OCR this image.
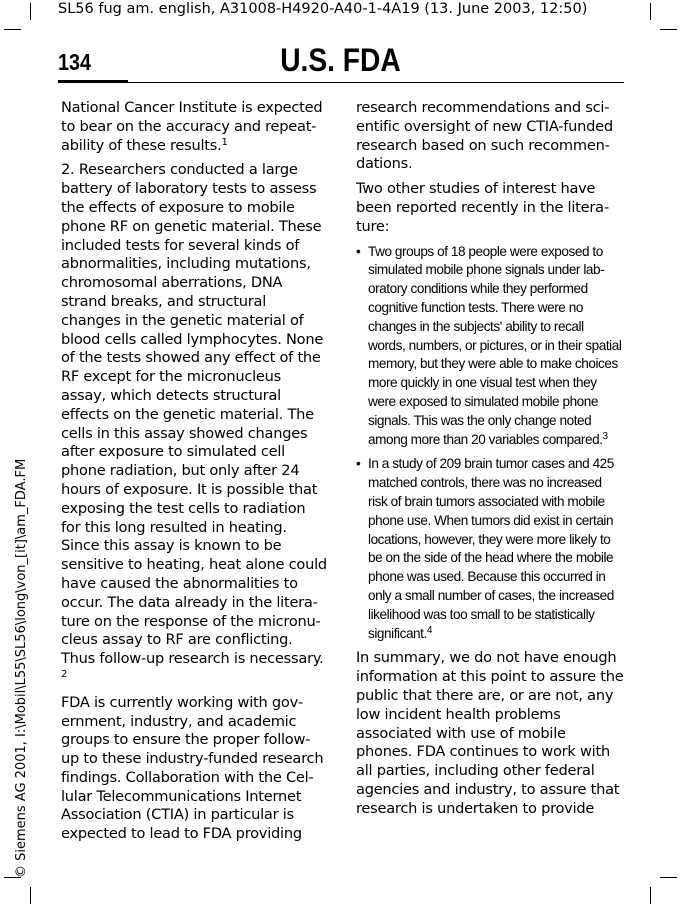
SL56 fug am. english, A31008-H4920-A40-1-4A19 (13. June 2003, 12:50)
© Siemens AG 2001, I:\Mobil\L55\SL56\long\von_[it]\am_FDA.FM
134	U.S. FDA

National Cancer Institute is expected to bear on the accuracy and repeatability of these results.$^1$

2. Researchers conducted a large battery of laboratory tests to assess the effects of exposure to mobile phone RF on genetic material. These included tests for several kinds of abnormalities, including mutations, chromosomal aberrations, DNA strand breaks, and structural changes in the genetic material of blood cells called lymphocytes. None of the tests showed any effect of the RF except for the micronucleus assay, which detects structural effects on the genetic material. The cells in this assay showed changes after exposure to simulated cell phone radiation, but only after 24 hours of exposure. It is possible that exposing the test cells to radiation for this long resulted in heating. Since this assay is known to be sensitive to heating, heat alone could have caused the abnormalities to occur. The data already in the literature on the response of the micronucleus assay to RF are conflicting. Thus follow-up research is necessary. $^2$

FDA is currently working with government, industry, and academic groups to ensure the proper follow-up to these industry-funded research findings. Collaboration with the Cellular Telecommunications Internet Association (CTIA) in particular is expected to lead to FDA providing

research recommendations and scientific oversight of new CTIA-funded research based on such recommendations.

Two other studies of interest have been reported recently in the literature:

• Two groups of 18 people were exposed to simulated mobile phone signals under laboratory conditions while they performed cognitive function tests. There were no changes in the subjects' ability to recall words, numbers, or pictures, or in their spatial memory, but they were able to make choices more quickly in one visual test when they were exposed to simulated mobile phone signals. This was the only change noted among more than 20 variables compared.$^3$
• In a study of 209 brain tumor cases and 425 matched controls, there was no increased risk of brain tumors associated with mobile phone use. When tumors did exist in certain locations, however, they were more likely to be on the side of the head where the mobile phone was used. Because this occurred in only a small number of cases, the increased likelihood was too small to be statistically significant.$^4$

In summary, we do not have enough information at this point to assure the public that there are, or are not, any low incident health problems associated with use of mobile phones. FDA continues to work with all parties, including other federal agencies and industry, to assure that research is undertaken to provide
